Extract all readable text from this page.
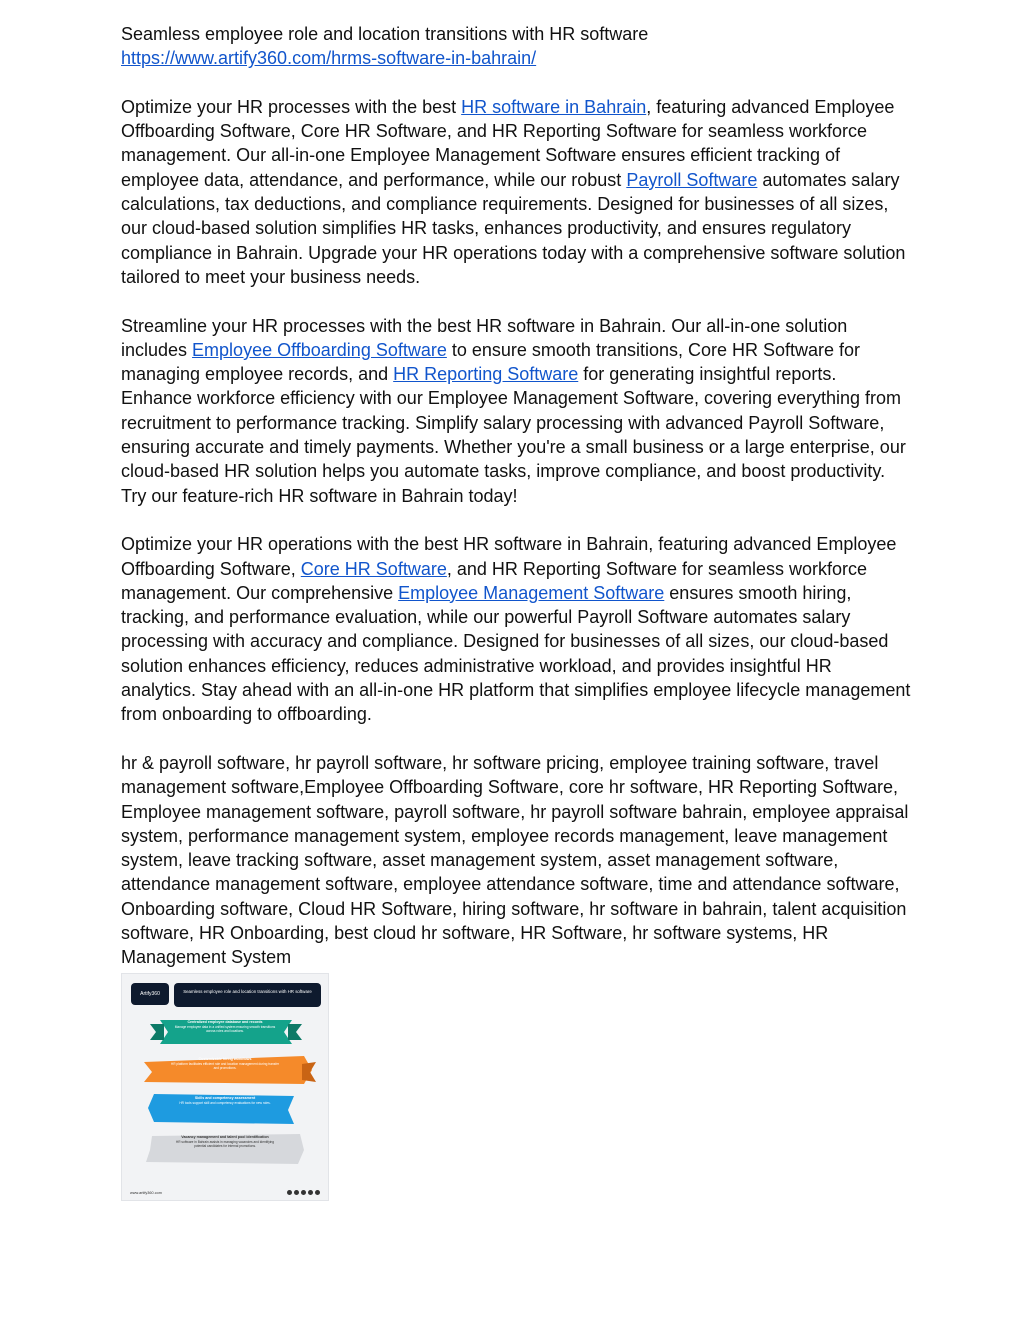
Seamless employee role and location transitions with HR software

https://www.artify360.com/hrms-software-in-bahrain/

Optimize your HR processes with the best HR software in Bahrain, featuring advanced Employee Offboarding Software, Core HR Software, and HR Reporting Software for seamless workforce management. Our all-in-one Employee Management Software ensures efficient tracking of employee data, attendance, and performance, while our robust Payroll Software automates salary calculations, tax deductions, and compliance requirements. Designed for businesses of all sizes, our cloud-based solution simplifies HR tasks, enhances productivity, and ensures regulatory compliance in Bahrain. Upgrade your HR operations today with a comprehensive software solution tailored to meet your business needs.

Streamline your HR processes with the best HR software in Bahrain. Our all-in-one solution includes Employee Offboarding Software to ensure smooth transitions, Core HR Software for managing employee records, and HR Reporting Software for generating insightful reports. Enhance workforce efficiency with our Employee Management Software, covering everything from recruitment to performance tracking. Simplify salary processing with advanced Payroll Software, ensuring accurate and timely payments. Whether you're a small business or a large enterprise, our cloud-based HR solution helps you automate tasks, improve compliance, and boost productivity. Try our feature-rich HR software in Bahrain today!

Optimize your HR operations with the best HR software in Bahrain, featuring advanced Employee Offboarding Software, Core HR Software, and HR Reporting Software for seamless workforce management. Our comprehensive Employee Management Software ensures smooth hiring, tracking, and performance evaluation, while our powerful Payroll Software automates salary processing with accuracy and compliance. Designed for businesses of all sizes, our cloud-based solution enhances efficiency, reduces administrative workload, and provides insightful HR analytics. Stay ahead with an all-in-one HR platform that simplifies employee lifecycle management from onboarding to offboarding.

hr & payroll software, hr payroll software, hr software pricing, employee training software, travel management software,Employee Offboarding Software, core hr software, HR Reporting Software, Employee management software, payroll software, hr payroll software bahrain, employee appraisal system, performance management system, employee records management, leave management system, leave tracking software, asset management system, asset management software, attendance management software, employee attendance software, time and attendance software, Onboarding software, Cloud HR Software, hiring software, hr software in bahrain, talent acquisition software, HR Onboarding, best cloud hr software, HR Software, hr software systems, HR Management System

Artify360	Seamless employee role and location transitions with HR software
Centralized employee database and records
Manage employee data in a unified system ensuring smooth transitions across roles and locations.
Customizable hiring workflows
HR platform facilitates efficient role and location management during transfer and promotions.
Skills and competency assessment
HR tools support skill and competency evaluations for new roles.
Vacancy management and talent pool identification
HR software in Bahrain assists in managing vacancies and identifying potential candidates for internal promotions.
www.artify360.com
